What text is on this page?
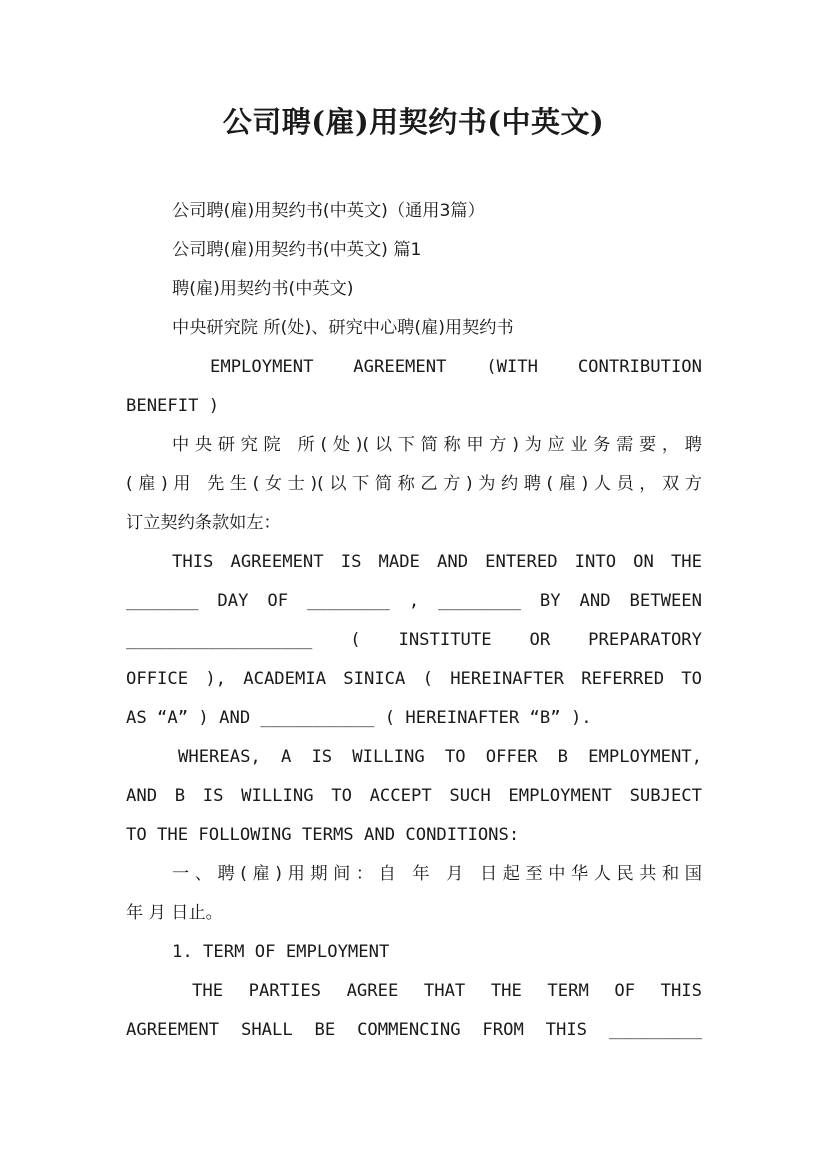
公司聘(雇)用契约书(中英文)

公司聘(雇)用契约书(中英文)（通用3篇）

公司聘(雇)用契约书(中英文) 篇1

聘(雇)用契约书(中英文)

中央研究院 所(处)、研究中心聘(雇)用契约书

EMPLOYMENT   AGREEMENT   (WITH   CONTRIBUTION

BENEFIT )

中央研究院 所(处)(以下简称甲方)为应业务需要，聘

(雇)用 先生(女士)(以下简称乙方)为约聘(雇)人员，双方

订立契约条款如左：

THIS AGREEMENT IS MADE AND ENTERED INTO ON THE

_______ DAY OF ________ , ________ BY AND BETWEEN

__________________  (  INSTITUTE  OR  PREPARATORY

OFFICE ), ACADEMIA SINICA ( HEREINAFTER REFERRED TO

AS “A” ) AND ___________ ( HEREINAFTER “B” ).

WHEREAS, A IS WILLING TO OFFER B EMPLOYMENT,

AND B IS WILLING TO ACCEPT SUCH EMPLOYMENT SUBJECT

TO THE FOLLOWING TERMS AND CONDITIONS:

一、聘(雇)用期间：自 年 月 日起至中华人民共和国

年 月 日止。

1. TERM OF EMPLOYMENT

THE  PARTIES  AGREE  THAT  THE  TERM  OF  THIS

AGREEMENT  SHALL  BE  COMMENCING  FROM  THIS  _________
